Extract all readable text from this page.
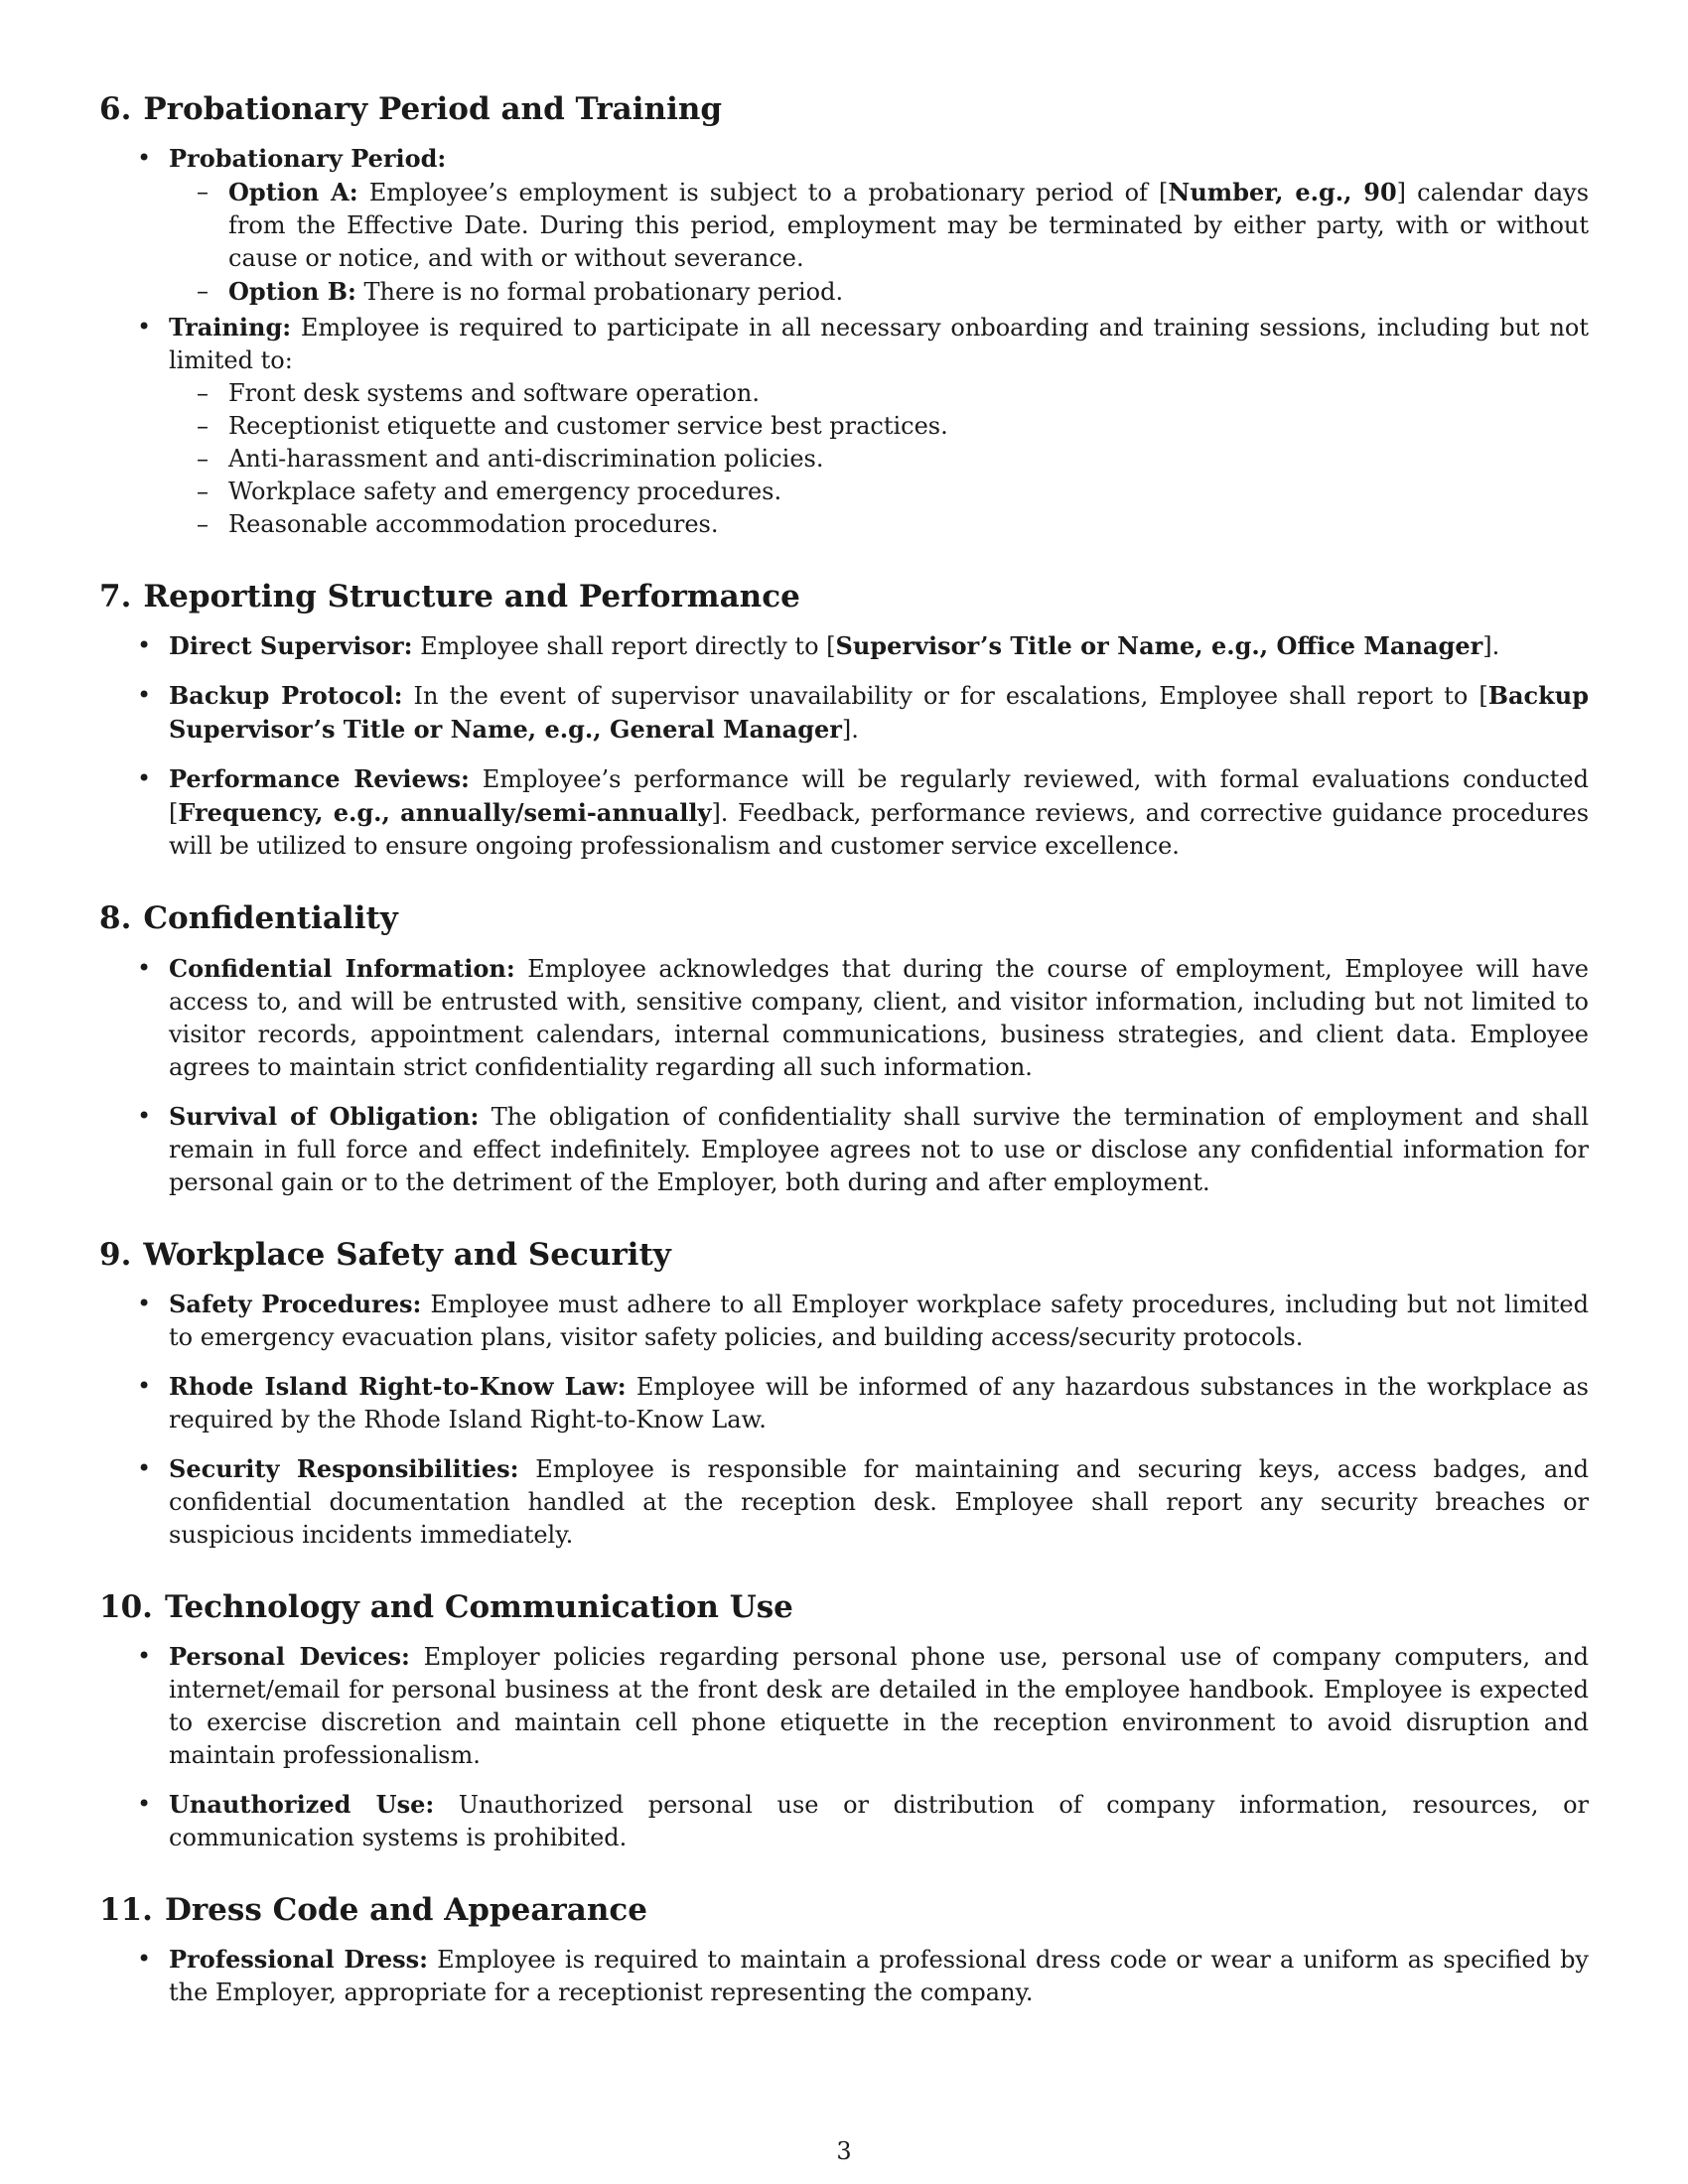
6. Probationary Period and Training
• Probationary Period:
– Option A: Employee’s employment is subject to a probationary period of [Number, e.g., 90] calendar days from the Effective Date. During this period, employment may be terminated by either party, with or without cause or notice, and with or without severance.
– Option B: There is no formal probationary period.
• Training: Employee is required to participate in all necessary onboarding and training sessions, including but not limited to:
– Front desk systems and software operation.
– Receptionist etiquette and customer service best practices.
– Anti-harassment and anti-discrimination policies.
– Workplace safety and emergency procedures.
– Reasonable accommodation procedures.
7. Reporting Structure and Performance
• Direct Supervisor: Employee shall report directly to [Supervisor’s Title or Name, e.g., Office Manager].
• Backup Protocol: In the event of supervisor unavailability or for escalations, Employee shall report to [Backup Supervisor’s Title or Name, e.g., General Manager].
• Performance Reviews: Employee’s performance will be regularly reviewed, with formal evaluations conducted [Frequency, e.g., annually/semi-annually]. Feedback, performance reviews, and corrective guidance procedures will be utilized to ensure ongoing professionalism and customer service excellence.
8. Confidentiality
• Confidential Information: Employee acknowledges that during the course of employment, Employee will have access to, and will be entrusted with, sensitive company, client, and visitor information, including but not limited to visitor records, appointment calendars, internal communications, business strategies, and client data. Employee agrees to maintain strict confidentiality regarding all such information.
• Survival of Obligation: The obligation of confidentiality shall survive the termination of employment and shall remain in full force and effect indefinitely. Employee agrees not to use or disclose any confidential information for personal gain or to the detriment of the Employer, both during and after employment.
9. Workplace Safety and Security
• Safety Procedures: Employee must adhere to all Employer workplace safety procedures, including but not limited to emergency evacuation plans, visitor safety policies, and building access/security protocols.
• Rhode Island Right-to-Know Law: Employee will be informed of any hazardous substances in the workplace as required by the Rhode Island Right-to-Know Law.
• Security Responsibilities: Employee is responsible for maintaining and securing keys, access badges, and confidential documentation handled at the reception desk. Employee shall report any security breaches or suspicious incidents immediately.
10. Technology and Communication Use
• Personal Devices: Employer policies regarding personal phone use, personal use of company computers, and internet/email for personal business at the front desk are detailed in the employee handbook. Employee is expected to exercise discretion and maintain cell phone etiquette in the reception environment to avoid disruption and maintain professionalism.
• Unauthorized Use: Unauthorized personal use or distribution of company information, resources, or communication systems is prohibited.
11. Dress Code and Appearance
• Professional Dress: Employee is required to maintain a professional dress code or wear a uniform as specified by the Employer, appropriate for a receptionist representing the company.
3
